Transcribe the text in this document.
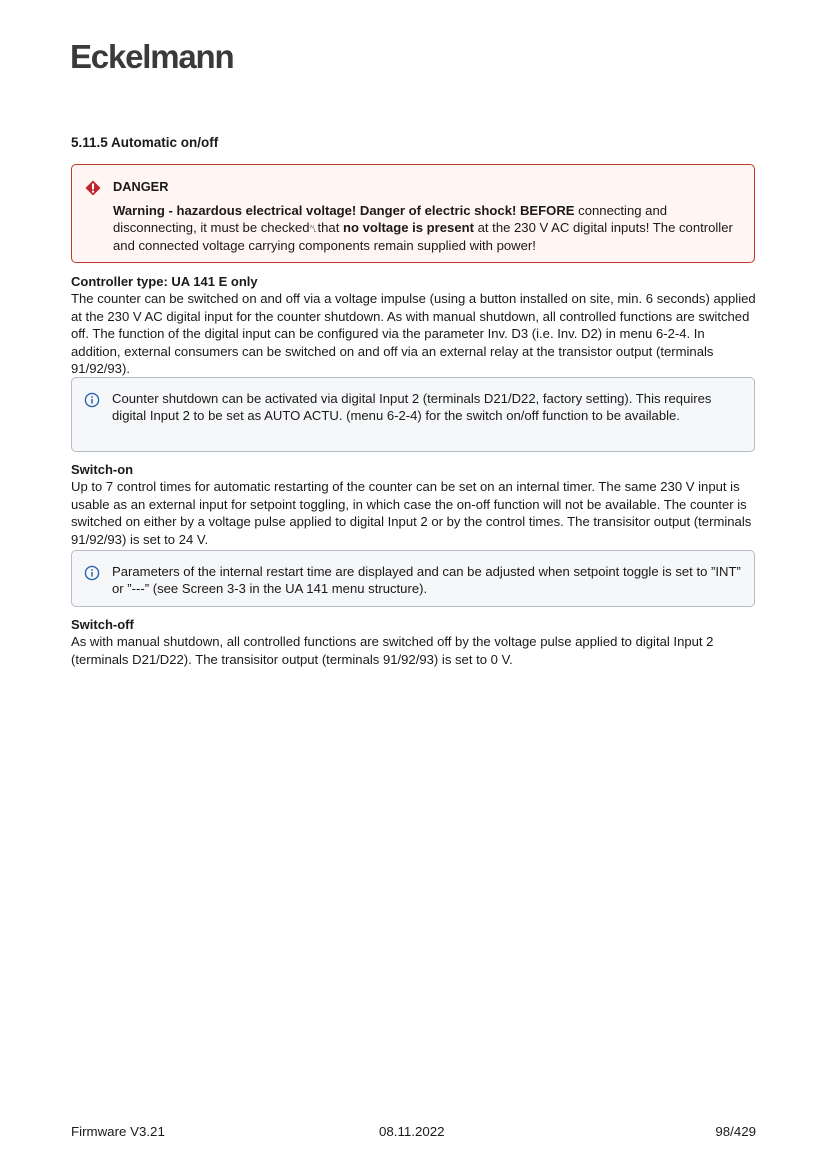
Eckelmann
5.11.5 Automatic on/off
DANGER

Warning - hazardous electrical voltage! Danger of electric shock! BEFORE connecting and disconnecting, it must be checked␤that no voltage is present at the 230 V AC digital inputs! The controller and connected voltage carrying components remain supplied with power!

Controller type: UA 141 E only

The counter can be switched on and off via a voltage impulse (using a button installed on site, min. 6 seconds) applied at the 230 V AC digital input for the counter shutdown. As with manual shutdown, all controlled functions are switched off. The function of the digital input can be configured via the parameter Inv. D3 (i.e. Inv. D2) in menu 6-2-4. In addition, external consumers can be switched on and off via an external relay at the transistor output (terminals 91/92/93).

Counter shutdown can be activated via digital Input 2 (terminals D21/D22, factory setting). This requires digital Input 2 to be set as AUTO ACTU. (menu 6-2-4) for the switch on/off function to be available.

Switch-on

Up to 7 control times for automatic restarting of the counter can be set on an internal timer. The same 230 V input is usable as an external input for setpoint toggling, in which case the on-off function will not be available. The counter is switched on either by a voltage pulse applied to digital Input 2 or by the control times. The transisitor output (terminals 91/92/93) is set to 24 V.

Parameters of the internal restart time are displayed and can be adjusted when setpoint toggle is set to ”INT” or ”---” (see Screen 3-3 in the UA 141 menu structure).

Switch-off

As with manual shutdown, all controlled functions are switched off by the voltage pulse applied to digital Input 2 (terminals D21/D22). The transisitor output (terminals 91/92/93) is set to 0 V.

Firmware V3.21	08.11.2022	98/429
